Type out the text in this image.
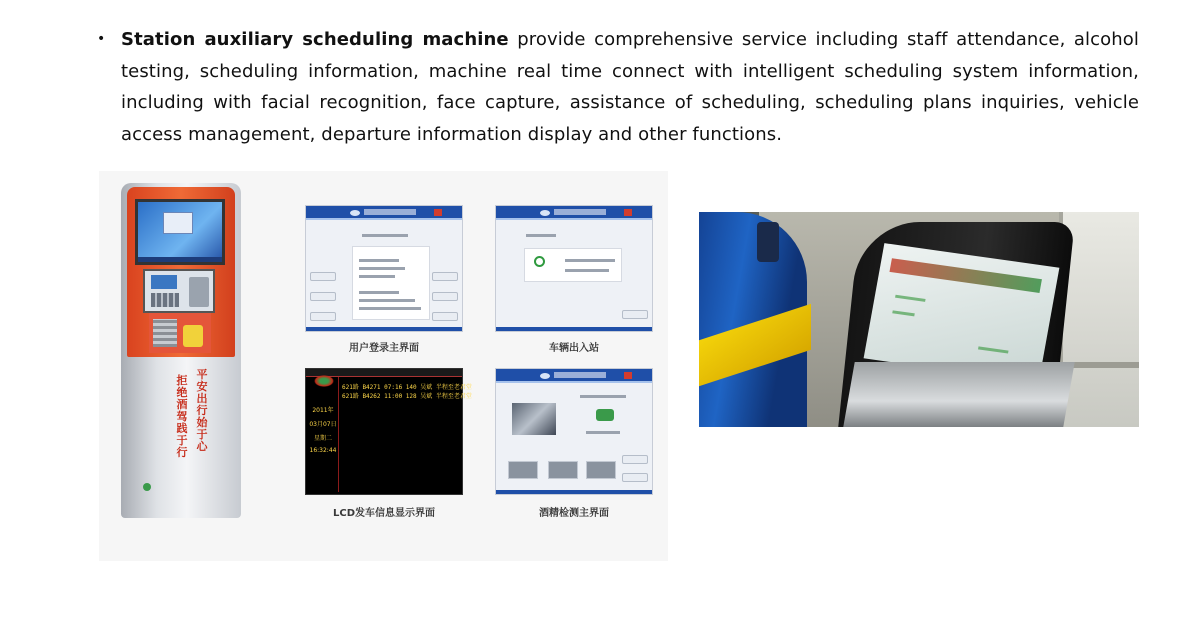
• Station auxiliary scheduling machine provide comprehensive service including staff attendance, alcohol testing, scheduling information, machine real time connect with intelligent scheduling system information, including with facial recognition, face capture, assistance of scheduling, scheduling plans inquiries, vehicle access management, departure information display and other functions.

平安出行始于心
拒绝酒驾践于行
621路 B4271 07:16 140 吴斌 半程至老君堂
621路 B4262 11:00 128 吴斌 半程至老君堂
2011年
03月07日
星期二
16:32:44
用户登录主界面	车辆出入站
LCD发车信息显示界面	酒精检测主界面
